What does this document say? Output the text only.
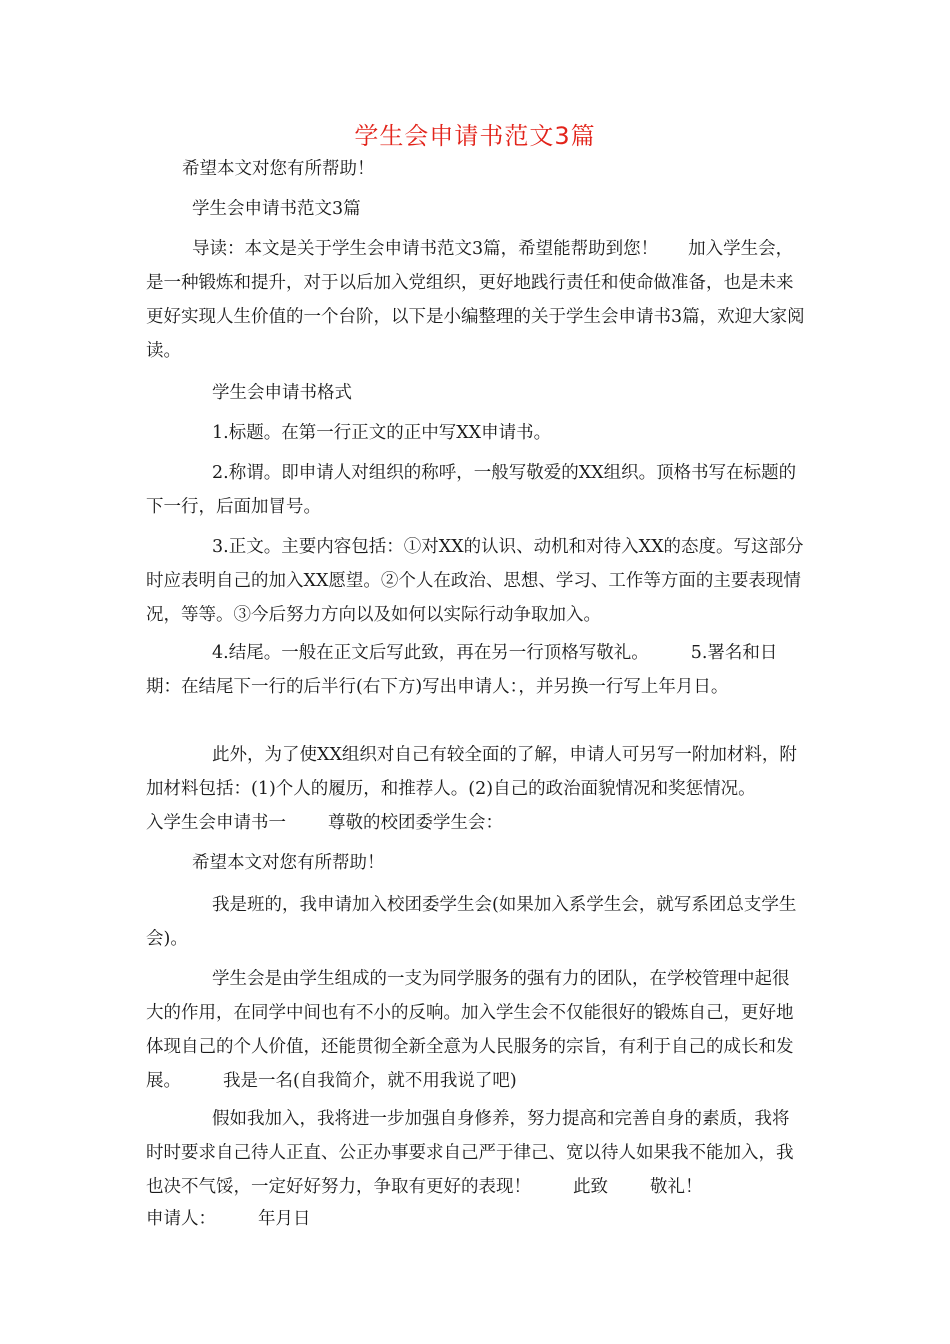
学生会申请书范文3篇

希望本文对您有所帮助！

学生会申请书范文3篇

导读：本文是关于学生会申请书范文3篇，希望能帮助到您！ 加入学生会，是一种锻炼和提升，对于以后加入党组织，更好地践行责任和使命做准备，也是未来更好实现人生价值的一个台阶，以下是小编整理的关于学生会申请书3篇，欢迎大家阅读。

学生会申请书格式

1.标题。在第一行正文的正中写XX申请书。

2.称谓。即申请人对组织的称呼，一般写敬爱的XX组织。顶格书写在标题的下一行，后面加冒号。

3.正文。主要内容包括：①对XX的认识、动机和对待入XX的态度。写这部分时应表明自己的加入XX愿望。②个人在政治、思想、学习、工作等方面的主要表现情况，等等。③今后努力方向以及如何以实际行动争取加入。

4.结尾。一般在正文后写此致，再在另一行顶格写敬礼。 5.署名和日期：在结尾下一行的后半行(右下方)写出申请人：，并另换一行写上年月日。

此外，为了使XX组织对自己有较全面的了解，申请人可另写一附加材料，附加材料包括：(1)个人的履历，和推荐人。(2)自己的政治面貌情况和奖惩情况。入学生会申请书一 尊敬的校团委学生会：

希望本文对您有所帮助！

我是班的，我申请加入校团委学生会(如果加入系学生会，就写系团总支学生会)。

学生会是由学生组成的一支为同学服务的强有力的团队，在学校管理中起很大的作用，在同学中间也有不小的反响。加入学生会不仅能很好的锻炼自己，更好地体现自己的个人价值，还能贯彻全新全意为人民服务的宗旨，有利于自己的成长和发展。 我是一名(自我简介，就不用我说了吧)

假如我加入，我将进一步加强自身修养，努力提高和完善自身的素质，我将时时要求自己待人正直、公正办事要求自己严于律己、宽以待人如果我不能加入，我也决不气馁，一定好好努力，争取有更好的表现！ 此致 敬礼！

申请人： 年月日
